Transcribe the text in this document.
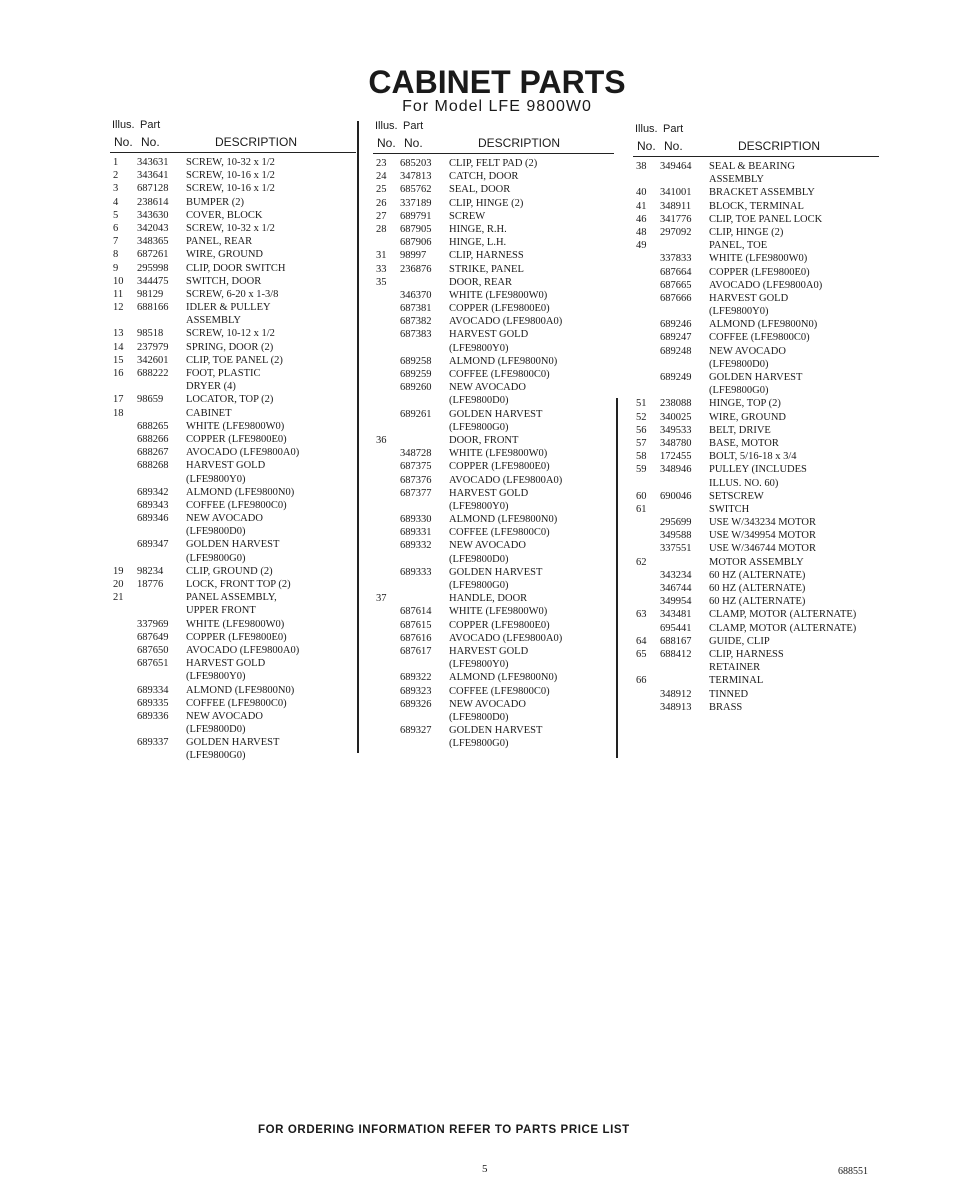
CABINET PARTS
For Model LFE 9800W0
Illus. Part
No. No.	DESCRIPTION
1 343631 SCREW, 10-32 x 1/2
2 343641 SCREW, 10-16 x 1/2
3 687128 SCREW, 10-16 x 1/2
4 238614 BUMPER (2)
5 343630 COVER, BLOCK
6 342043 SCREW, 10-32 x 1/2
7 348365 PANEL, REAR
8 687261 WIRE, GROUND
9 295998 CLIP, DOOR SWITCH
10 344475 SWITCH, DOOR
11 98129 SCREW, 6-20 x 1-3/8
12 688166 IDLER & PULLEY
ASSEMBLY
13 98518 SCREW, 10-12 x 1/2
14 237979 SPRING, DOOR (2)
15 342601 CLIP, TOE PANEL (2)
16 688222 FOOT, PLASTIC
DRYER (4)
17 98659 LOCATOR, TOP (2)
18	CABINET
688265 WHITE (LFE9800W0)
688266 COPPER (LFE9800E0)
688267 AVOCADO (LFE9800A0)
688268 HARVEST GOLD
(LFE9800Y0)
689342 ALMOND (LFE9800N0)
689343 COFFEE (LFE9800C0)
689346 NEW AVOCADO
(LFE9800D0)
689347 GOLDEN HARVEST
(LFE9800G0)
19 98234 CLIP, GROUND (2)
20 18776 LOCK, FRONT TOP (2)
21	PANEL ASSEMBLY,
UPPER FRONT
337969 WHITE (LFE9800W0)
687649 COPPER (LFE9800E0)
687650 AVOCADO (LFE9800A0)
687651 HARVEST GOLD
(LFE9800Y0)
689334 ALMOND (LFE9800N0)
689335 COFFEE (LFE9800C0)
689336 NEW AVOCADO
(LFE9800D0)
689337 GOLDEN HARVEST
(LFE9800G0)
Illus. Part
No. No.	DESCRIPTION
23 685203 CLIP, FELT PAD (2)
24 347813 CATCH, DOOR
25 685762 SEAL, DOOR
26 337189 CLIP, HINGE (2)
27 689791 SCREW
28 687905 HINGE, R.H.
687906 HINGE, L.H.
31 98997 CLIP, HARNESS
33 236876 STRIKE, PANEL
35	DOOR, REAR
346370 WHITE (LFE9800W0)
687381 COPPER (LFE9800E0)
687382 AVOCADO (LFE9800A0)
687383 HARVEST GOLD
(LFE9800Y0)
689258 ALMOND (LFE9800N0)
689259 COFFEE (LFE9800C0)
689260 NEW AVOCADO
(LFE9800D0)
689261 GOLDEN HARVEST
(LFE9800G0)
36	DOOR, FRONT
348728 WHITE (LFE9800W0)
687375 COPPER (LFE9800E0)
687376 AVOCADO (LFE9800A0)
687377 HARVEST GOLD
(LFE9800Y0)
689330 ALMOND (LFE9800N0)
689331 COFFEE (LFE9800C0)
689332 NEW AVOCADO
(LFE9800D0)
689333 GOLDEN HARVEST
(LFE9800G0)
37	HANDLE, DOOR
687614 WHITE (LFE9800W0)
687615 COPPER (LFE9800E0)
687616 AVOCADO (LFE9800A0)
687617 HARVEST GOLD
(LFE9800Y0)
689322 ALMOND (LFE9800N0)
689323 COFFEE (LFE9800C0)
689326 NEW AVOCADO
(LFE9800D0)
689327 GOLDEN HARVEST
(LFE9800G0)
Illus. Part
No. No.	DESCRIPTION
38 349464 SEAL & BEARING
ASSEMBLY
40 341001 BRACKET ASSEMBLY
41 348911 BLOCK, TERMINAL
46 341776 CLIP, TOE PANEL LOCK
48 297092 CLIP, HINGE (2)
49	PANEL, TOE
337833 WHITE (LFE9800W0)
687664 COPPER (LFE9800E0)
687665 AVOCADO (LFE9800A0)
687666 HARVEST GOLD
(LFE9800Y0)
689246 ALMOND (LFE9800N0)
689247 COFFEE (LFE9800C0)
689248 NEW AVOCADO
(LFE9800D0)
689249 GOLDEN HARVEST
(LFE9800G0)
51 238088 HINGE, TOP (2)
52 340025 WIRE, GROUND
56 349533 BELT, DRIVE
57 348780 BASE, MOTOR
58 172455 BOLT, 5/16-18 x 3/4
59 348946 PULLEY (INCLUDES
ILLUS. NO. 60)
60 690046 SETSCREW
61	SWITCH
295699 USE W/343234 MOTOR
349588 USE W/349954 MOTOR
337551 USE W/346744 MOTOR
62	MOTOR ASSEMBLY
343234 60 HZ (ALTERNATE)
346744 60 HZ (ALTERNATE)
349954 60 HZ (ALTERNATE)
63 343481 CLAMP, MOTOR (ALTERNATE)
695441 CLAMP, MOTOR (ALTERNATE)
64 688167 GUIDE, CLIP
65 688412 CLIP, HARNESS
RETAINER
66	TERMINAL
348912 TINNED
348913 BRASS
FOR ORDERING INFORMATION REFER TO PARTS PRICE LIST
5	688551
